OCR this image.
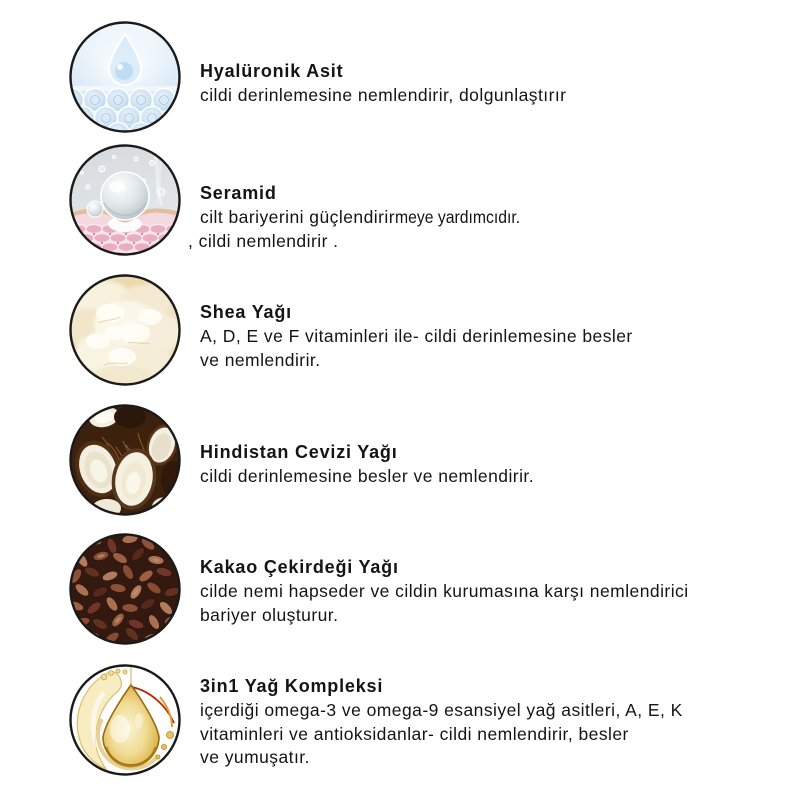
Hyalüronik Asit
cildi derinlemesine nemlendirir, dolgunlaştırır
Seramid
cilt bariyerini güçlendirirmeye yardımcıdır.
, cildi nemlendirir .
Shea Yağı
A, D, E ve F vitaminleri ile- cildi derinlemesine besler
ve nemlendirir.
Hindistan Cevizi Yağı
cildi derinlemesine besler ve nemlendirir.
Kakao Çekirdeği Yağı
cilde nemi hapseder ve cildin kurumasına karşı nemlendirici
bariyer oluşturur.
3in1 Yağ Kompleksi
içerdiği omega-3 ve omega-9 esansiyel yağ asitleri, A, E, K
vitaminleri ve antioksidanlar- cildi nemlendirir, besler
ve yumuşatır.
